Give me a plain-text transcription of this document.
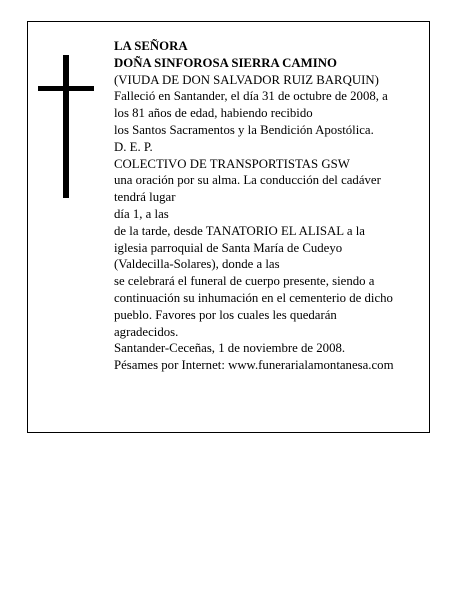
LA SEÑORA
DOÑA SINFOROSA SIERRA CAMINO
(VIUDA DE DON SALVADOR RUIZ BARQUIN)
Falleció en Santander, el día 31 de octubre de 2008, a
los 81 años de edad, habiendo recibido
los Santos Sacramentos y la Bendición Apostólica.
D. E. P.
COLECTIVO DE TRANSPORTISTAS GSW
una oración por su alma. La conducción del cadáver
tendrá lugar
día 1, a las
de la tarde, desde TANATORIO EL ALISAL a la
iglesia parroquial de Santa María de Cudeyo
(Valdecilla-Solares), donde a las
se celebrará el funeral de cuerpo presente, siendo a
continuación su inhumación en el cementerio de dicho
pueblo. Favores por los cuales les quedarán
agradecidos.
Santander-Ceceñas, 1 de noviembre de 2008.
Pésames por Internet: www.funerarialamontanesa.com
